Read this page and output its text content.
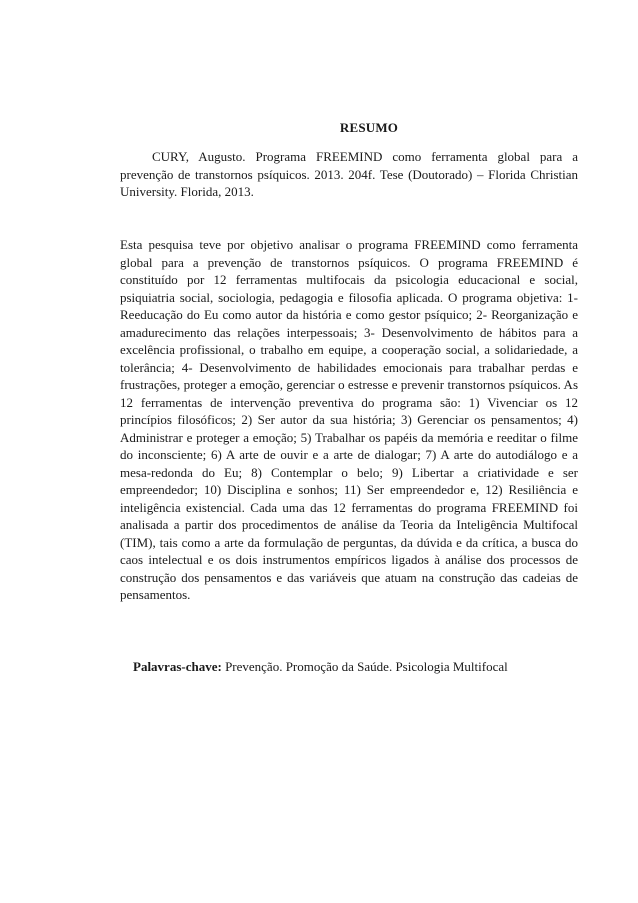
RESUMO

CURY, Augusto. Programa FREEMIND como ferramenta global para a prevenção de transtornos psíquicos. 2013. 204f. Tese (Doutorado) – Florida Christian University. Florida, 2013.

Esta pesquisa teve por objetivo analisar o programa FREEMIND como ferramenta global para a prevenção de transtornos psíquicos. O programa FREEMIND é constituído por 12 ferramentas multifocais da psicologia educacional e social, psiquiatria social, sociologia, pedagogia e filosofia aplicada. O programa objetiva: 1- Reeducação do Eu como autor da história e como gestor psíquico; 2- Reorganização e amadurecimento das relações interpessoais; 3- Desenvolvimento de hábitos para a excelência profissional, o trabalho em equipe, a cooperação social, a solidariedade, a tolerância; 4- Desenvolvimento de habilidades emocionais para trabalhar perdas e frustrações, proteger a emoção, gerenciar o estresse e prevenir transtornos psíquicos. As 12 ferramentas de intervenção preventiva do programa são: 1) Vivenciar os 12 princípios filosóficos; 2) Ser autor da sua história; 3) Gerenciar os pensamentos; 4) Administrar e proteger a emoção; 5) Trabalhar os papéis da memória e reeditar o filme do inconsciente; 6) A arte de ouvir e a arte de dialogar; 7) A arte do autodiálogo e a mesa-redonda do Eu; 8) Contemplar o belo; 9) Libertar a criatividade e ser empreendedor; 10) Disciplina e sonhos; 11) Ser empreendedor e, 12) Resiliência e inteligência existencial. Cada uma das 12 ferramentas do programa FREEMIND foi analisada a partir dos procedimentos de análise da Teoria da Inteligência Multifocal (TIM), tais como a arte da formulação de perguntas, da dúvida e da crítica, a busca do caos intelectual e os dois instrumentos empíricos ligados à análise dos processos de construção dos pensamentos e das variáveis que atuam na construção das cadeias de pensamentos.

Palavras-chave: Prevenção. Promoção da Saúde. Psicologia Multifocal
